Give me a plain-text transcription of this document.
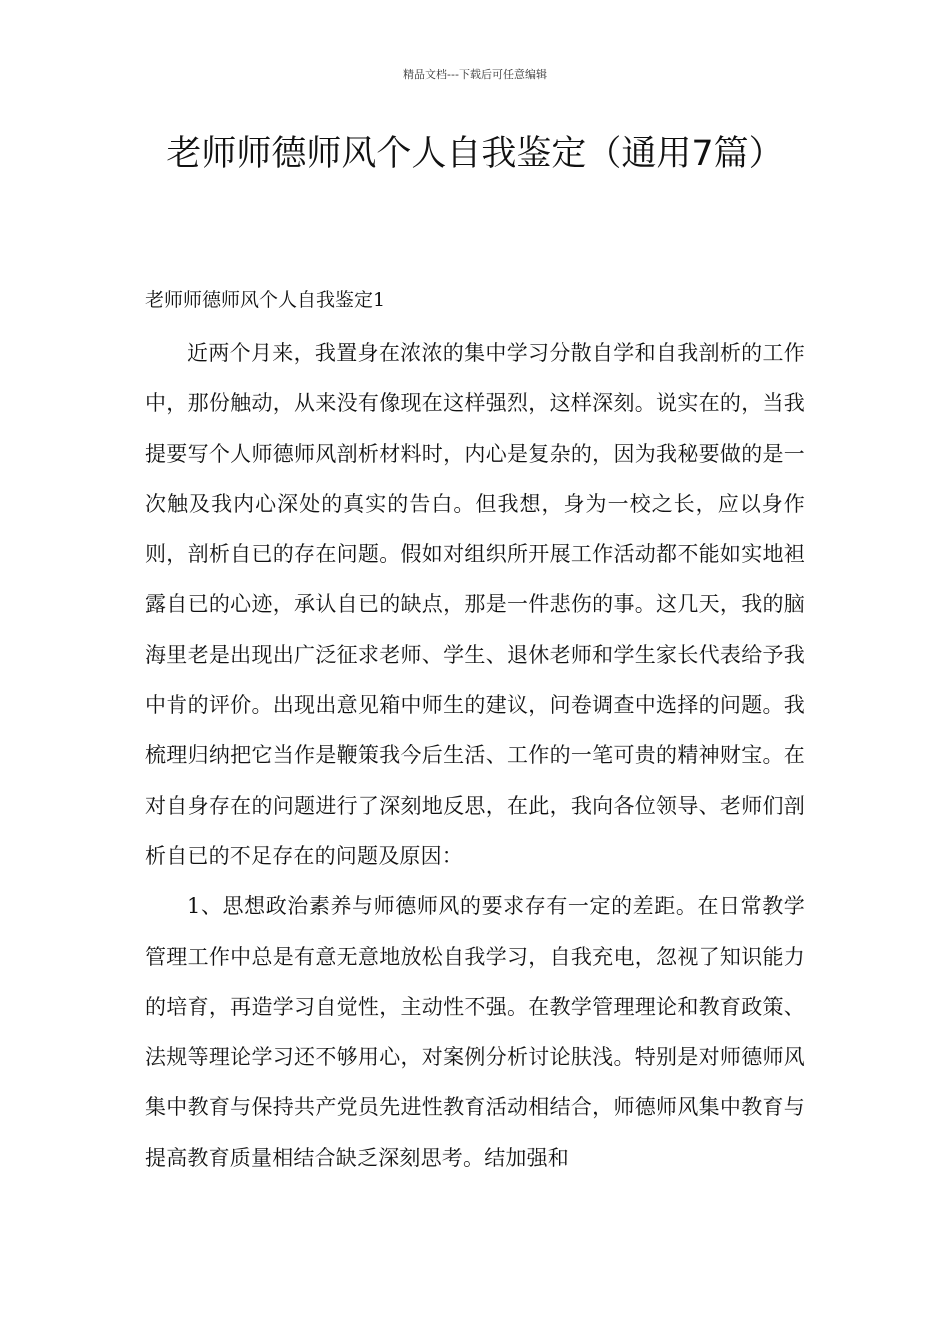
精品文档---下载后可任意编辑
老师师德师风个人自我鉴定（通用7篇）
老师师德师风个人自我鉴定1

近两个月来，我置身在浓浓的集中学习分散自学和自我剖析的工作中，那份触动，从来没有像现在这样强烈，这样深刻。说实在的，当我提要写个人师德师风剖析材料时，内心是复杂的，因为我秘要做的是一次触及我内心深处的真实的告白。但我想，身为一校之长，应以身作则，剖析自已的存在问题。假如对组织所开展工作活动都不能如实地袒露自已的心迹，承认自已的缺点，那是一件悲伤的事。这几天，我的脑海里老是出现出广泛征求老师、学生、退休老师和学生家长代表给予我中肯的评价。出现出意见箱中师生的建议，问卷调查中选择的问题。我梳理归纳把它当作是鞭策我今后生活、工作的一笔可贵的精神财宝。在对自身存在的问题进行了深刻地反思，在此，我向各位领导、老师们剖析自已的不足存在的问题及原因：

1、思想政治素养与师德师风的要求存有一定的差距。在日常教学管理工作中总是有意无意地放松自我学习，自我充电，忽视了知识能力的培育，再造学习自觉性，主动性不强。在教学管理理论和教育政策、法规等理论学习还不够用心，对案例分析讨论肤浅。特别是对师德师风集中教育与保持共产党员先进性教育活动相结合，师德师风集中教育与提高教育质量相结合缺乏深刻思考。结加强和
